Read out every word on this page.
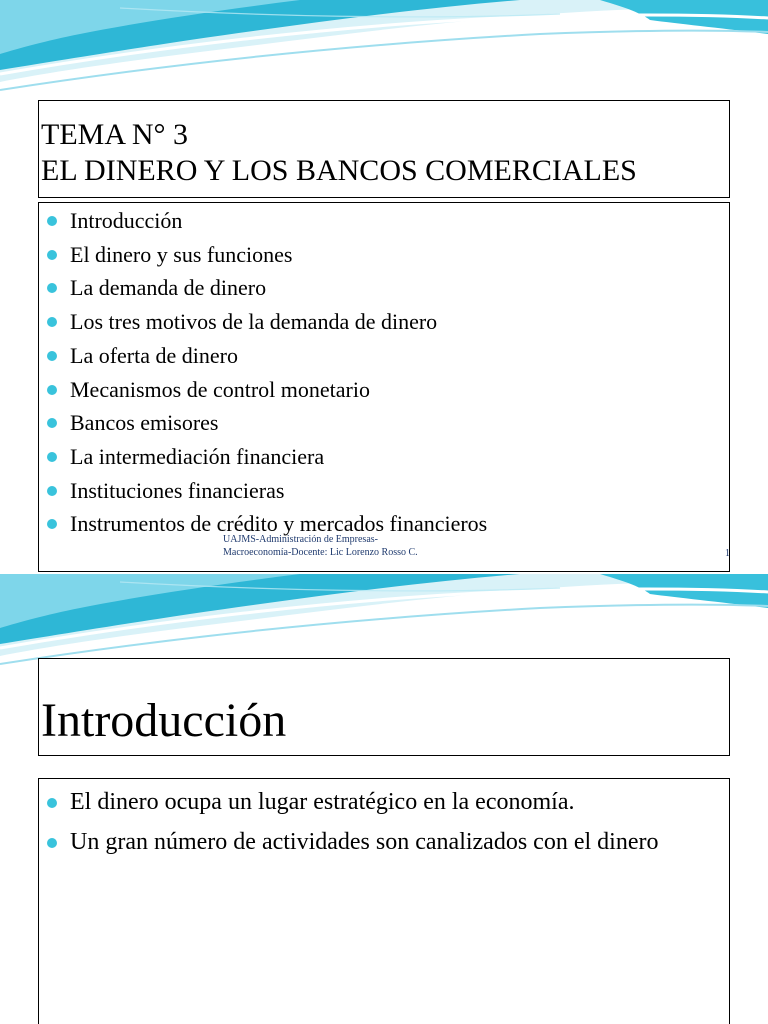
TEMA N° 3
EL DINERO Y LOS BANCOS COMERCIALES
Introducción
El dinero y sus funciones
La demanda de dinero
Los tres motivos de la demanda de dinero
La oferta de dinero
Mecanismos de control monetario
Bancos emisores
La intermediación financiera
Instituciones financieras
Instrumentos de crédito y mercados financieros
UAJMS-Administración de Empresas-
Macroeconomía-Docente: Lic Lorenzo Rosso C.	1
Introducción
El dinero ocupa un lugar estratégico en la economía.
Un gran número de actividades son canalizados con el dinero
